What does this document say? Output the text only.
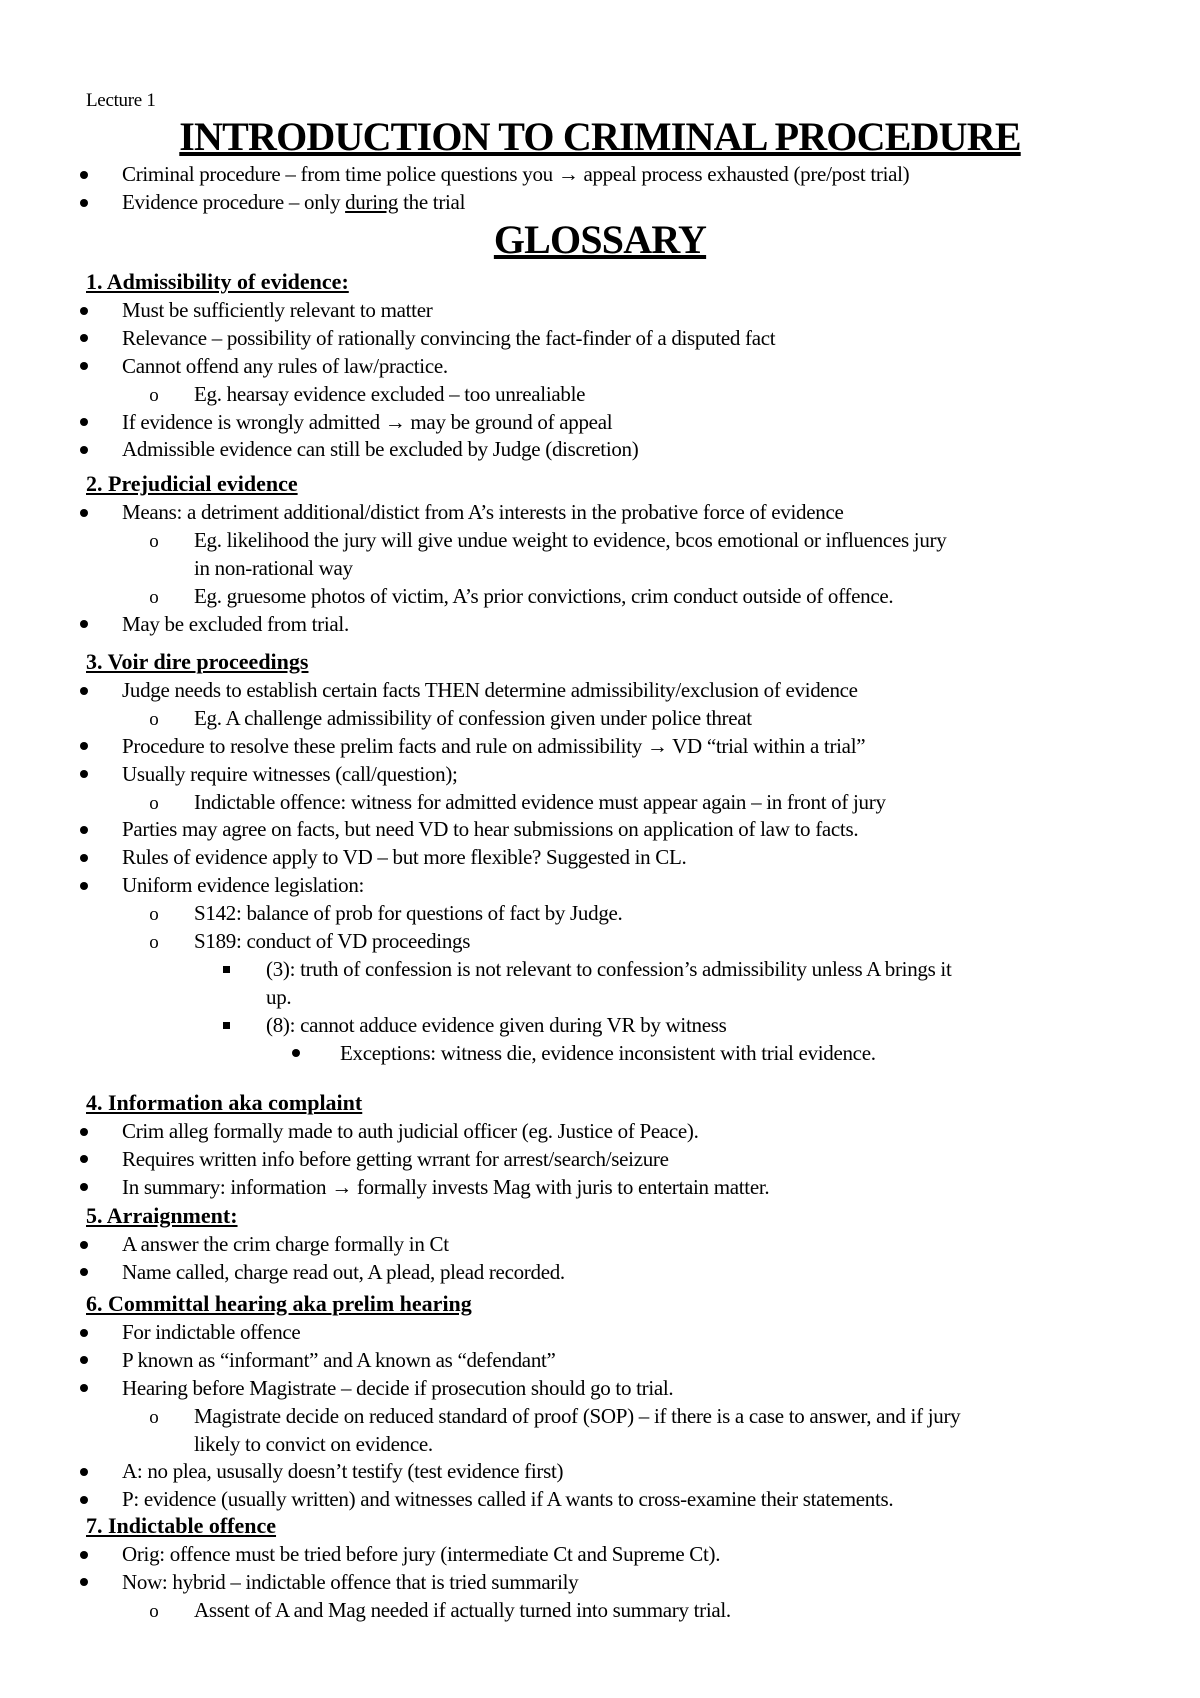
Lecture 1
INTRODUCTION TO CRIMINAL PROCEDURE
Criminal procedure – from time police questions you → appeal process exhausted (pre/post trial)
Evidence procedure – only during the trial
GLOSSARY
1. Admissibility of evidence:
Must be sufficiently relevant to matter
Relevance – possibility of rationally convincing the fact-finder of a disputed fact
Cannot offend any rules of law/practice.
o	Eg. hearsay evidence excluded – too unrealiable
If evidence is wrongly admitted → may be ground of appeal
Admissible evidence can still be excluded by Judge (discretion)
2. Prejudicial evidence
Means: a detriment additional/distict from A’s interests in the probative force of evidence
o	Eg. likelihood the jury will give undue weight to evidence, bcos emotional or influences jury
in non-rational way
o	Eg. gruesome photos of victim, A’s prior convictions, crim conduct outside of offence.
May be excluded from trial.
3. Voir dire proceedings
Judge needs to establish certain facts THEN determine admissibility/exclusion of evidence
o	Eg. A challenge admissibility of confession given under police threat
Procedure to resolve these prelim facts and rule on admissibility → VD “trial within a trial”
Usually require witnesses (call/question);
o	Indictable offence: witness for admitted evidence must appear again – in front of jury
Parties may agree on facts, but need VD to hear submissions on application of law to facts.
Rules of evidence apply to VD – but more flexible? Suggested in CL.
Uniform evidence legislation:
o	S142: balance of prob for questions of fact by Judge.
o	S189: conduct of VD proceedings
(3): truth of confession is not relevant to confession’s admissibility unless A brings it
up.
(8): cannot adduce evidence given during VR by witness
Exceptions: witness die, evidence inconsistent with trial evidence.
4. Information aka complaint
Crim alleg formally made to auth judicial officer (eg. Justice of Peace).
Requires written info before getting wrrant for arrest/search/seizure
In summary: information → formally invests Mag with juris to entertain matter.
5. Arraignment:
A answer the crim charge formally in Ct
Name called, charge read out, A plead, plead recorded.
6. Committal hearing aka prelim hearing
For indictable offence
P known as “informant” and A known as “defendant”
Hearing before Magistrate – decide if prosecution should go to trial.
o	Magistrate decide on reduced standard of proof (SOP) – if there is a case to answer, and if jury
likely to convict on evidence.
A: no plea, ususally doesn’t testify (test evidence first)
P: evidence (usually written) and witnesses called if A wants to cross-examine their statements.
7. Indictable offence
Orig: offence must be tried before jury (intermediate Ct and Supreme Ct).
Now: hybrid – indictable offence that is tried summarily
o	Assent of A and Mag needed if actually turned into summary trial.
